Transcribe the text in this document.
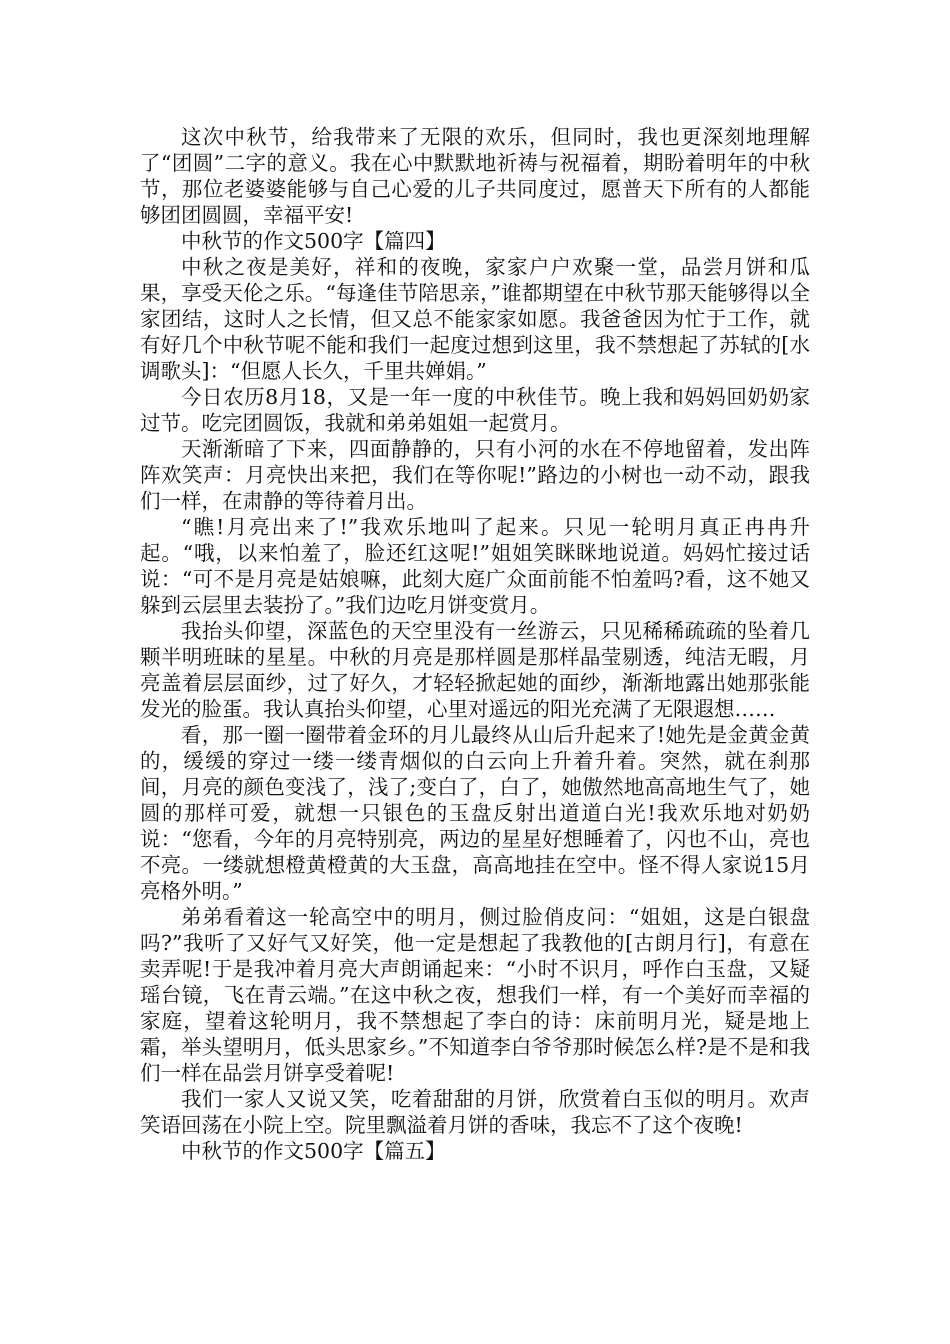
这次中秋节，给我带来了无限的欢乐，但同时，我也更深刻地理解了“团圆”二字的意义。我在心中默默地祈祷与祝福着，期盼着明年的中秋节，那位老婆婆能够与自己心爱的儿子共同度过，愿普天下所有的人都能够团团圆圆，幸福平安!

中秋节的作文500字【篇四】

中秋之夜是美好，祥和的夜晚，家家户户欢聚一堂，品尝月饼和瓜果，享受天伦之乐。“每逢佳节陪思亲，”谁都期望在中秋节那天能够得以全家团结，这时人之长情，但又总不能家家如愿。我爸爸因为忙于工作，就有好几个中秋节呢不能和我们一起度过想到这里，我不禁想起了苏轼的[水调歌头]：“但愿人长久，千里共婵娟。”

今日农历8月18，又是一年一度的中秋佳节。晚上我和妈妈回奶奶家过节。吃完团圆饭，我就和弟弟姐姐一起赏月。

天渐渐暗了下来，四面静静的，只有小河的水在不停地留着，发出阵阵欢笑声：月亮快出来把，我们在等你呢!”路边的小树也一动不动，跟我们一样，在肃静的等待着月出。

“瞧!月亮出来了!”我欢乐地叫了起来。只见一轮明月真正冉冉升起。“哦，以来怕羞了，脸还红这呢!”姐姐笑眯眯地说道。妈妈忙接过话说：“可不是月亮是姑娘嘛，此刻大庭广众面前能不怕羞吗?看，这不她又躲到云层里去装扮了。”我们边吃月饼变赏月。

我抬头仰望，深蓝色的天空里没有一丝游云，只见稀稀疏疏的坠着几颗半明班昧的星星。中秋的月亮是那样圆是那样晶莹剔透，纯洁无暇，月亮盖着层层面纱，过了好久，才轻轻掀起她的面纱，渐渐地露出她那张能发光的脸蛋。我认真抬头仰望，心里对遥远的阳光充满了无限遐想……

看，那一圈一圈带着金环的月儿最终从山后升起来了!她先是金黄金黄的，缓缓的穿过一缕一缕青烟似的白云向上升着升着。突然，就在刹那间，月亮的颜色变浅了，浅了;变白了，白了，她傲然地高高地生气了，她圆的那样可爱，就想一只银色的玉盘反射出道道白光!我欢乐地对奶奶说：“您看，今年的月亮特别亮，两边的星星好想睡着了，闪也不山，亮也不亮。一缕就想橙黄橙黄的大玉盘，高高地挂在空中。怪不得人家说15月亮格外明。”

弟弟看着这一轮高空中的明月，侧过脸俏皮问：“姐姐，这是白银盘吗?”我听了又好气又好笑，他一定是想起了我教他的[古朗月行]，有意在卖弄呢!于是我冲着月亮大声朗诵起来：“小时不识月，呼作白玉盘，又疑瑶台镜，飞在青云端。”在这中秋之夜，想我们一样，有一个美好而幸福的家庭，望着这轮明月，我不禁想起了李白的诗：床前明月光，疑是地上霜，举头望明月，低头思家乡。”不知道李白爷爷那时候怎么样?是不是和我们一样在品尝月饼享受着呢!

我们一家人又说又笑，吃着甜甜的月饼，欣赏着白玉似的明月。欢声笑语回荡在小院上空。院里飘溢着月饼的香味，我忘不了这个夜晚!

中秋节的作文500字【篇五】
